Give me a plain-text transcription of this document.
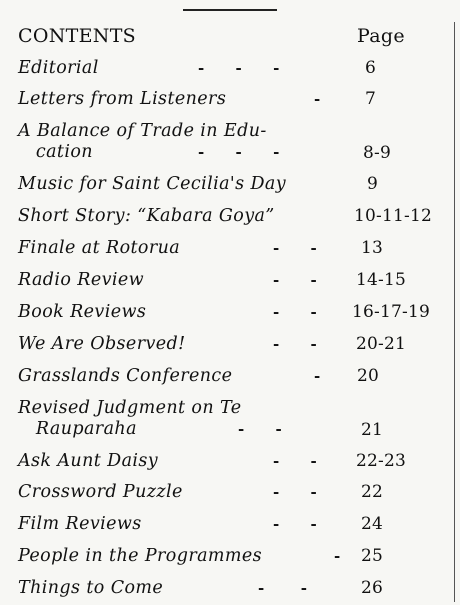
CONTENTS	Page
Editorial	-      -      -	6
Letters from Listeners	-	7
A Balance of Trade in Edu-
cation	-      -      -	8-9
Music for Saint Cecilia's Day	9
Short Story: “Kabara Goya”	10-11-12
Finale at Rotorua	-      -	13
Radio Review	-      - 14-15
Book Reviews	-      - 16-17-19
We Are Observed!	-      - 20-21
Grasslands Conference	- 20
Revised Judgment on Te
Rauparaha	-      -	21
Ask Aunt Daisy	-      - 22-23
Crossword Puzzle	-      -	22
Film Reviews	-      -	24
People in the Programmes	- 25
Things to Come	-       -	26
